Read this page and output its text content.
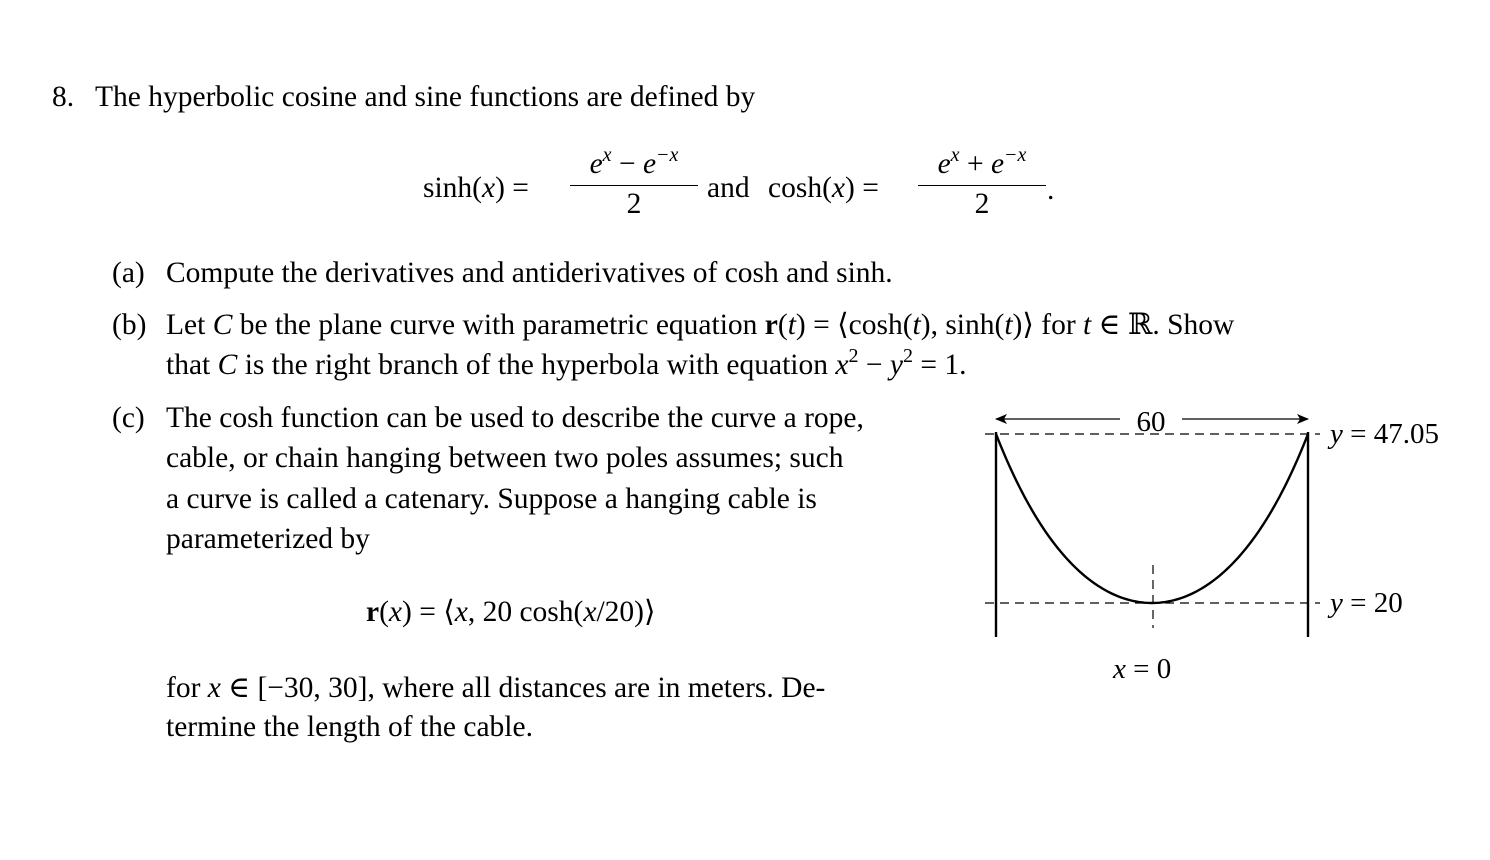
8. The hyperbolic cosine and sine functions are defined by
sinh(x) =
$e^x - e^{-x}$
2	and cosh(x) =
$e^x + e^{-x}$
2	.
(a) Compute the derivatives and antiderivatives of cosh and sinh.
(b) Let C be the plane curve with parametric equation r(t) = ⟨cosh(t), sinh(t)⟩ for t ∈ ℝ. Show
that C is the right branch of the hyperbola with equation $x^2 - y^2 = 1$.
(c) The cosh function can be used to describe the curve a rope,
cable, or chain hanging between two poles assumes; such
a curve is called a catenary. Suppose a hanging cable is
parameterized by
r(x) = ⟨x, 20 cosh(x/20)⟩
for x ∈ [−30, 30], where all distances are in meters. De-
termine the length of the cable.
60	y = 47.05
y = 20
x = 0
